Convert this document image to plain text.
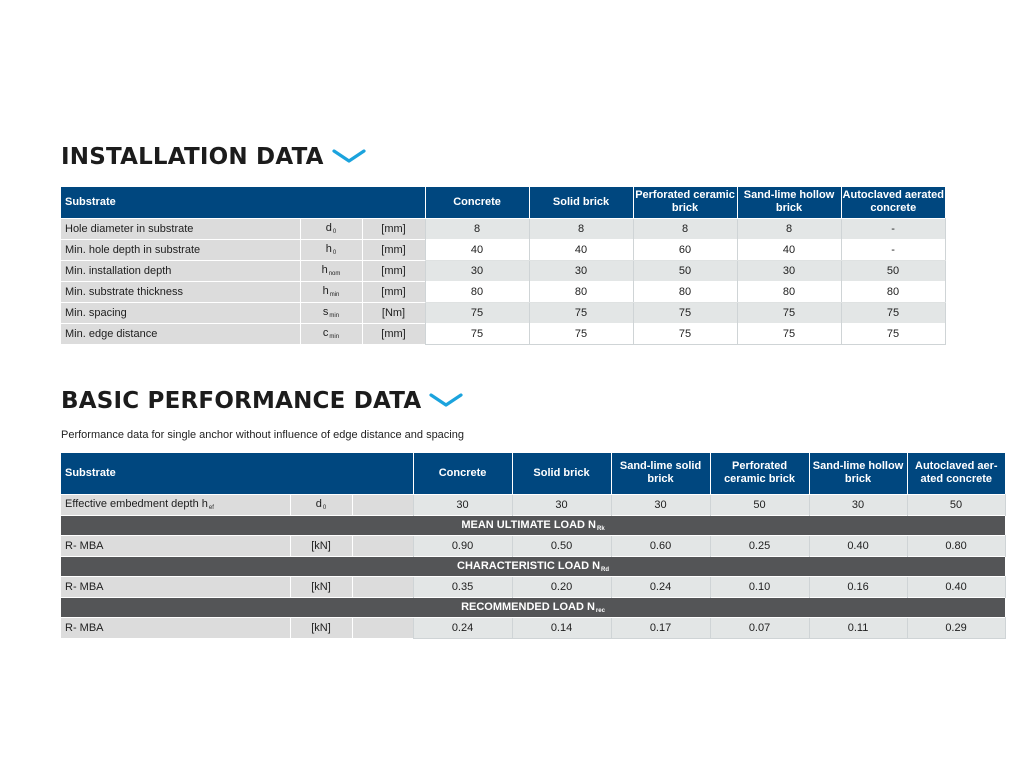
INSTALLATION DATA
Substrate			Concrete	Solid brick	Perforated ceramic brick	Sand-lime hollow brick	Autoclaved aerated concrete
Hole diameter in substrate	$d_0$	[mm]	8	8	8	8	-
Min. hole depth in substrate	$h_0$	[mm]	40	40	60	40	-
Min. installation depth	$h_{nom}$	[mm]	30	30	50	30	50
Min. substrate thickness	$h_{min}$	[mm]	80	80	80	80	80
Min. spacing	$s_{min}$	[Nm]	75	75	75	75	75
Min. edge distance	$c_{min}$	[mm]	75	75	75	75	75
BASIC PERFORMANCE DATA
Performance data for single anchor without influence of edge distance and spacing
Substrate			Concrete	Solid brick	Sand-lime solid brick	Perforated ceramic brick	Sand-lime hollow brick	Autoclaved aer-ated concrete
Effective embedment depth $h_{ef}$	$d_0$		30	30	30	50	30	50
MEAN ULTIMATE LOAD $N_{Rk}$
R- MBA	[kN]		0.90	0.50	0.60	0.25	0.40	0.80
CHARACTERISTIC LOAD $N_{Rd}$
R- MBA	[kN]		0.35	0.20	0.24	0.10	0.16	0.40
RECOMMENDED LOAD $N_{rec}$
R- MBA	[kN]		0.24	0.14	0.17	0.07	0.11	0.29
